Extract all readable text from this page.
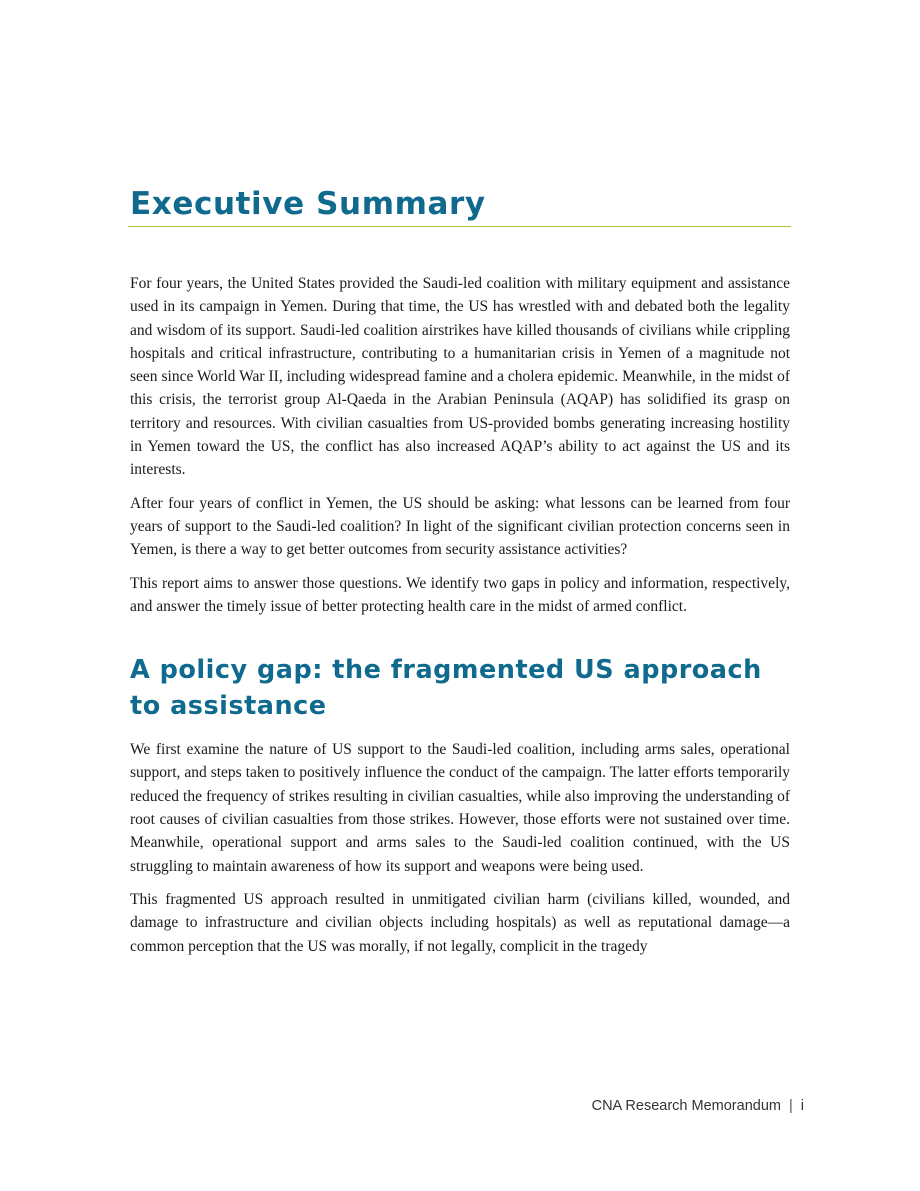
Executive Summary

For four years, the United States provided the Saudi-led coalition with military equipment and assistance used in its campaign in Yemen. During that time, the US has wrestled with and debated both the legality and wisdom of its support. Saudi-led coalition airstrikes have killed thousands of civilians while crippling hospitals and critical infrastructure, contributing to a humanitarian crisis in Yemen of a magnitude not seen since World War II, including widespread famine and a cholera epidemic. Meanwhile, in the midst of this crisis, the terrorist group Al-Qaeda in the Arabian Peninsula (AQAP) has solidified its grasp on territory and resources. With civilian casualties from US-provided bombs generating increasing hostility in Yemen toward the US, the conflict has also increased AQAP’s ability to act against the US and its interests.

After four years of conflict in Yemen, the US should be asking: what lessons can be learned from four years of support to the Saudi-led coalition? In light of the significant civilian protection concerns seen in Yemen, is there a way to get better outcomes from security assistance activities?

This report aims to answer those questions. We identify two gaps in policy and information, respectively, and answer the timely issue of better protecting health care in the midst of armed conflict.

A policy gap: the fragmented US approach to assistance

We first examine the nature of US support to the Saudi-led coalition, including arms sales, operational support, and steps taken to positively influence the conduct of the campaign. The latter efforts temporarily reduced the frequency of strikes resulting in civilian casualties, while also improving the understanding of root causes of civilian casualties from those strikes. However, those efforts were not sustained over time. Meanwhile, operational support and arms sales to the Saudi-led coalition continued, with the US struggling to maintain awareness of how its support and weapons were being used.

This fragmented US approach resulted in unmitigated civilian harm (civilians killed, wounded, and damage to infrastructure and civilian objects including hospitals) as well as reputational damage—a common perception that the US was morally, if not legally, complicit in the tragedy

CNA Research Memorandum | i
